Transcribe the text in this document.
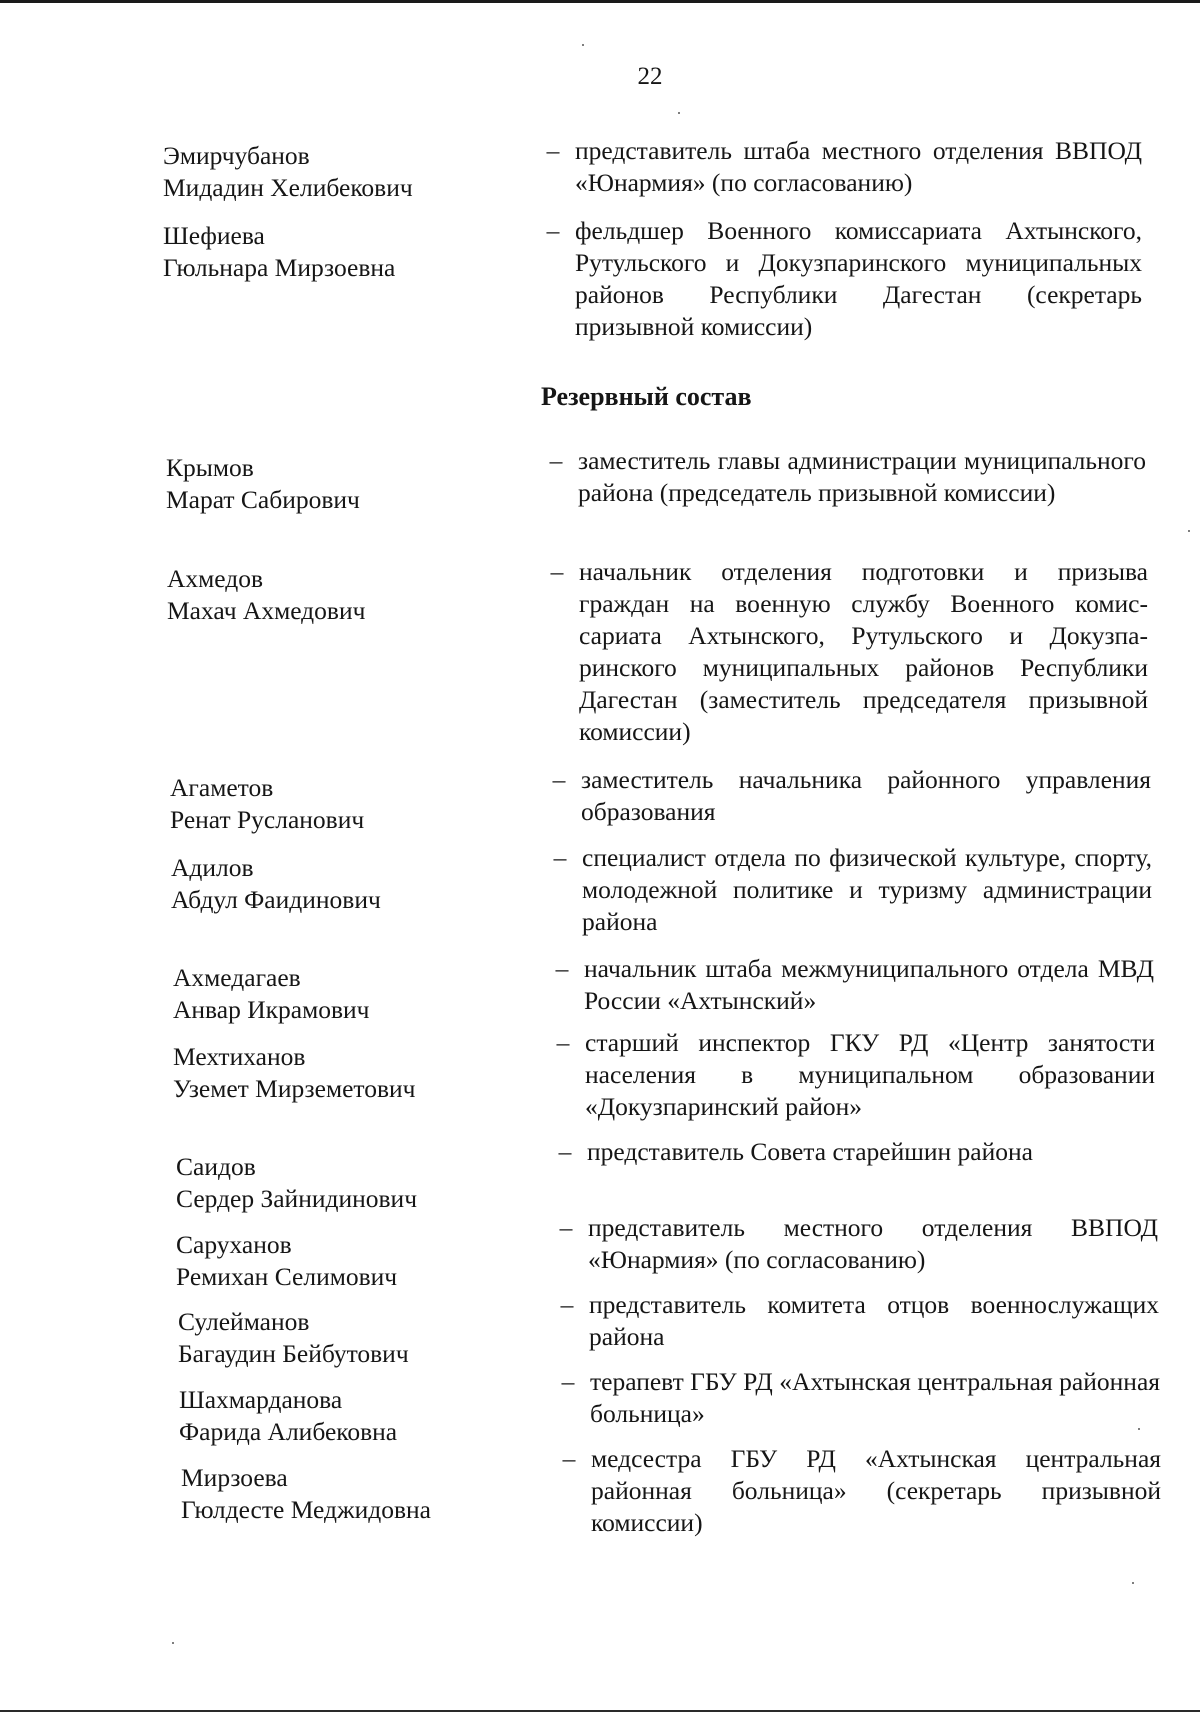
22
Эмирчубанов
Мидадин Хелибекович
– представитель штаба местного отделения ВВПОД «Юнармия» (по согласованию)
Шефиева
Гюльнара Мирзоевна
– фельдшер Военного комиссариата Ахтынского, Рутульского и Докузпаринского муниципальных районов Республики Дагестан (секретарь призывной комиссии)
Резервный состав
Крымов
Марат Сабирович
– заместитель главы администрации муниципального района (председатель призывной комиссии)
Ахмедов
Махач Ахмедович
– начальник отделения подготовки и призыва граждан на военную службу Военного комиссариата Ахтынского, Рутульского и Докузпаринского муниципальных районов Республики Дагестан (заместитель председателя призывной комиссии)
Агаметов
Ренат Русланович
– заместитель начальника районного управления образования
Адилов
Абдул Фаидинович
– специалист отдела по физической культуре, спорту, молодежной политике и туризму администрации района
Ахмедагаев
Анвар Икрамович
– начальник штаба межмуниципального отдела МВД России «Ахтынский»
Мехтиханов
Уземет Мирземетович
– старший инспектор ГКУ РД «Центр занятости населения в муниципальном образовании «Докузпаринский район»
Саидов
Сердер Зайнидинович
– представитель Совета старейшин района
Саруханов
Ремихан Селимович
– представитель местного отделения ВВПОД «Юнармия» (по согласованию)
Сулейманов
Багаудин Бейбутович
– представитель комитета отцов военнослужащих района
Шахмарданова
Фарида Алибековна
– терапевт ГБУ РД «Ахтынская центральная районная больница»
Мирзоева
Гюлдесте Меджидовна
– медсестра ГБУ РД «Ахтынская центральная районная больница» (секретарь призывной комиссии)
